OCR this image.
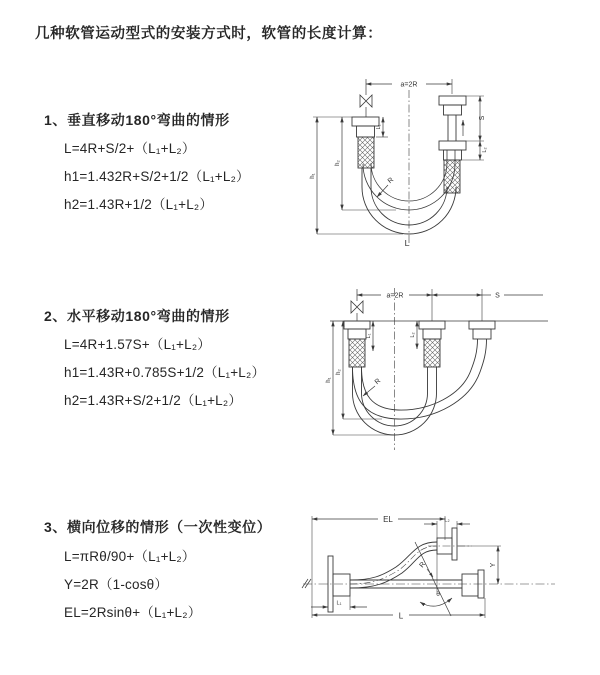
几种软管运动型式的安装方式时，软管的长度计算：
1、垂直移动180°弯曲的情形
L=4R+S/2+（L₁+L₂）
h1=1.432R+S/2+1/2（L₁+L₂）
h2=1.43R+1/2（L₁+L₂）
2、水平移动180°弯曲的情形
L=4R+1.57S+（L₁+L₂）
h1=1.43R+0.785S+1/2（L₁+L₂）
h2=1.43R+S/2+1/2（L₁+L₂）
3、横向位移的情形（一次性变位）
L=πRθ/90+（L₁+L₂）
Y=2R（1-cosθ）
EL=2Rsinθ+（L₁+L₂）
a=2R
S
L₂
L₁
h₁
h₂
R
L
a=2R	S
L₁	L₂
h₁
h₂
R
EL
L
L₁
L₂
Y
R
θ
